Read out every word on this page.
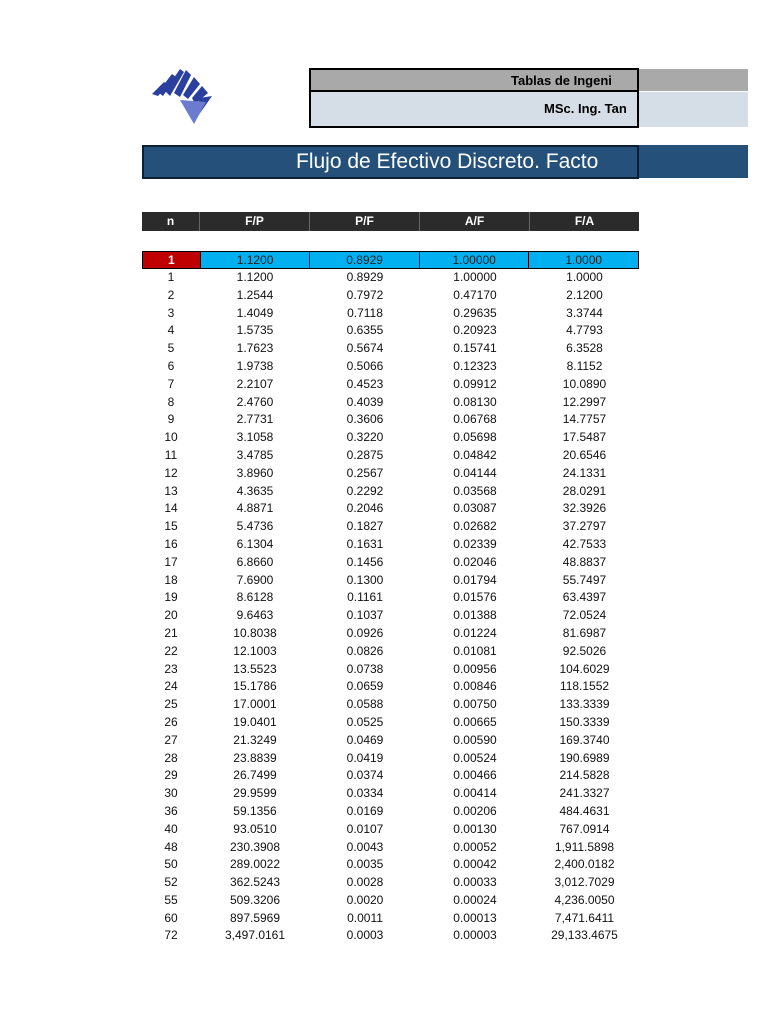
Tablas de Ingeni
MSc. Ing. Tan
Flujo de Efectivo Discreto. Facto
n	F/P	P/F	A/F	F/A
1	1.1200	0.8929	1.00000	1.0000
1	1.1200	0.8929	1.00000	1.0000
2	1.2544	0.7972	0.47170	2.1200
3	1.4049	0.7118	0.29635	3.3744
4	1.5735	0.6355	0.20923	4.7793
5	1.7623	0.5674	0.15741	6.3528
6	1.9738	0.5066	0.12323	8.1152
7	2.2107	0.4523	0.09912	10.0890
8	2.4760	0.4039	0.08130	12.2997
9	2.7731	0.3606	0.06768	14.7757
10	3.1058	0.3220	0.05698	17.5487
11	3.4785	0.2875	0.04842	20.6546
12	3.8960	0.2567	0.04144	24.1331
13	4.3635	0.2292	0.03568	28.0291
14	4.8871	0.2046	0.03087	32.3926
15	5.4736	0.1827	0.02682	37.2797
16	6.1304	0.1631	0.02339	42.7533
17	6.8660	0.1456	0.02046	48.8837
18	7.6900	0.1300	0.01794	55.7497
19	8.6128	0.1161	0.01576	63.4397
20	9.6463	0.1037	0.01388	72.0524
21	10.8038	0.0926	0.01224	81.6987
22	12.1003	0.0826	0.01081	92.5026
23	13.5523	0.0738	0.00956	104.6029
24	15.1786	0.0659	0.00846	118.1552
25	17.0001	0.0588	0.00750	133.3339
26	19.0401	0.0525	0.00665	150.3339
27	21.3249	0.0469	0.00590	169.3740
28	23.8839	0.0419	0.00524	190.6989
29	26.7499	0.0374	0.00466	214.5828
30	29.9599	0.0334	0.00414	241.3327
36	59.1356	0.0169	0.00206	484.4631
40	93.0510	0.0107	0.00130	767.0914
48	230.3908	0.0043	0.00052	1,911.5898
50	289.0022	0.0035	0.00042	2,400.0182
52	362.5243	0.0028	0.00033	3,012.7029
55	509.3206	0.0020	0.00024	4,236.0050
60	897.5969	0.0011	0.00013	7,471.6411
72	3,497.0161	0.0003	0.00003	29,133.4675
